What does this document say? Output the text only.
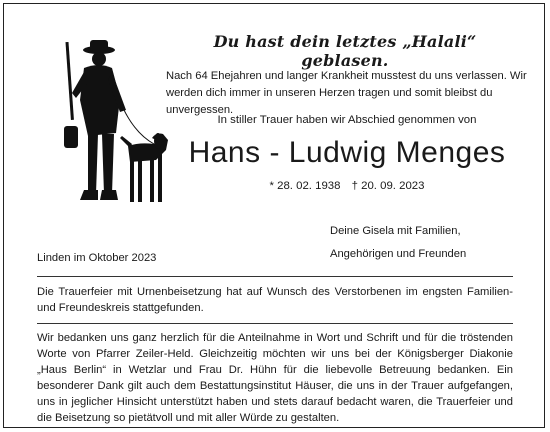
Du hast dein letztes „Halali“ geblasen.

Nach 64 Ehejahren und langer Krankheit musstest du uns verlassen. Wir werden dich immer in unseren Herzen tragen und somit bleibst du unvergessen.

In stiller Trauer haben wir Abschied genommen von
Hans - Ludwig Menges
* 28. 02. 1938 † 20. 09. 2023
Deine Gisela mit Familien,
Angehörigen und Freunden
Linden im Oktober 2023
Die Trauerfeier mit Urnenbeisetzung hat auf Wunsch des Verstorbenen im engsten Familien- und Freundeskreis stattgefunden.
Wir bedanken uns ganz herzlich für die Anteilnahme in Wort und Schrift und für die tröstenden Worte von Pfarrer Zeiler-Held. Gleichzeitig möchten wir uns bei der Königsberger Diakonie „Haus Berlin“ in Wetzlar und Frau Dr. Hühn für die liebevolle Betreuung bedanken. Ein besonderer Dank gilt auch dem Bestattungsinstitut Häuser, die uns in der Trauer aufgefangen, uns in jeglicher Hinsicht unterstützt haben und stets darauf bedacht waren, die Trauerfeier und die Beisetzung so pietätvoll und mit aller Würde zu gestalten.
